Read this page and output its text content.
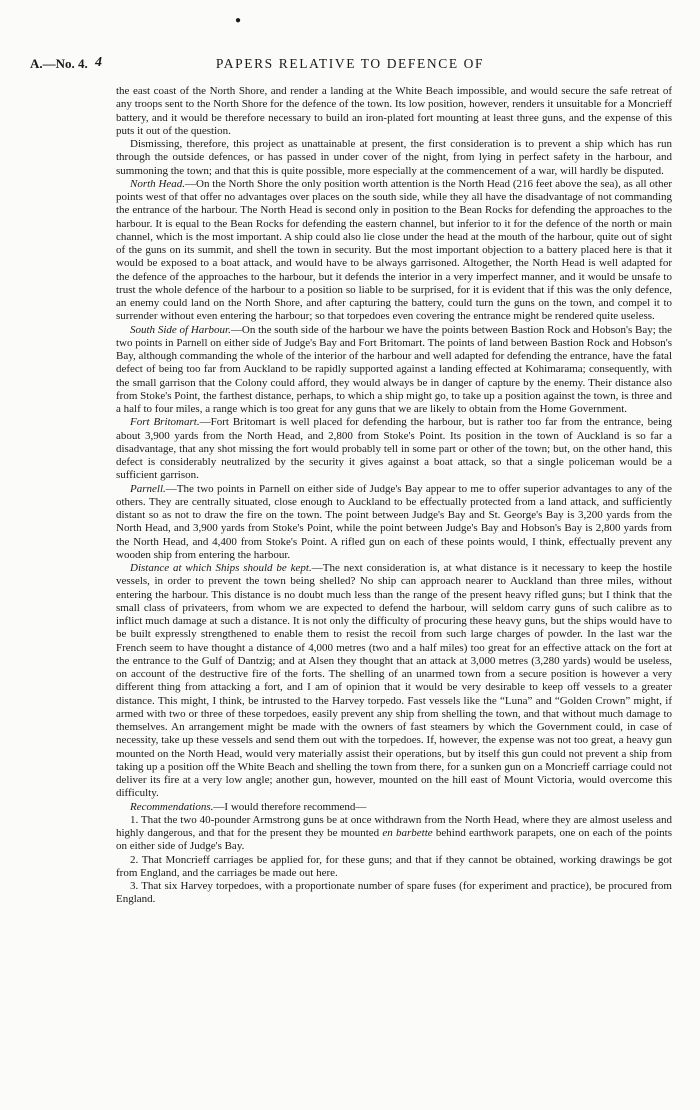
●
A.—No. 4. 4	PAPERS RELATIVE TO DEFENCE OF

the east coast of the North Shore, and render a landing at the White Beach impossible, and would secure the safe retreat of any troops sent to the North Shore for the defence of the town. Its low position, however, renders it unsuitable for a Moncrieff battery, and it would be therefore necessary to build an iron-plated fort mounting at least three guns, and the expense of this puts it out of the question.

Dismissing, therefore, this project as unattainable at present, the first consideration is to prevent a ship which has run through the outside defences, or has passed in under cover of the night, from lying in perfect safety in the harbour, and summoning the town; and that this is quite possible, more especially at the commencement of a war, will hardly be disputed.

North Head.—On the North Shore the only position worth attention is the North Head (216 feet above the sea), as all other points west of that offer no advantages over places on the south side, while they all have the disadvantage of not commanding the entrance of the harbour. The North Head is second only in position to the Bean Rocks for defending the approaches to the harbour. It is equal to the Bean Rocks for defending the eastern channel, but inferior to it for the defence of the north or main channel, which is the most important. A ship could also lie close under the head at the mouth of the harbour, quite out of sight of the guns on its summit, and shell the town in security. But the most important objection to a battery placed here is that it would be exposed to a boat attack, and would have to be always garrisoned. Altogether, the North Head is well adapted for the defence of the approaches to the harbour, but it defends the interior in a very imperfect manner, and it would be unsafe to trust the whole defence of the harbour to a position so liable to be surprised, for it is evident that if this was the only defence, an enemy could land on the North Shore, and after capturing the battery, could turn the guns on the town, and compel it to surrender without even entering the harbour; so that torpedoes even covering the entrance might be rendered quite useless.

South Side of Harbour.—On the south side of the harbour we have the points between Bastion Rock and Hobson's Bay; the two points in Parnell on either side of Judge's Bay and Fort Britomart. The points of land between Bastion Rock and Hobson's Bay, although commanding the whole of the interior of the harbour and well adapted for defending the entrance, have the fatal defect of being too far from Auckland to be rapidly supported against a landing effected at Kohimarama; consequently, with the small garrison that the Colony could afford, they would always be in danger of capture by the enemy. Their distance also from Stoke's Point, the farthest distance, perhaps, to which a ship might go, to take up a position against the town, is three and a half to four miles, a range which is too great for any guns that we are likely to obtain from the Home Government.

Fort Britomart.—Fort Britomart is well placed for defending the harbour, but is rather too far from the entrance, being about 3,900 yards from the North Head, and 2,800 from Stoke's Point. Its position in the town of Auckland is so far a disadvantage, that any shot missing the fort would probably tell in some part or other of the town; but, on the other hand, this defect is considerably neutralized by the security it gives against a boat attack, so that a single policeman would be a sufficient garrison.

Parnell.—The two points in Parnell on either side of Judge's Bay appear to me to offer superior advantages to any of the others. They are centrally situated, close enough to Auckland to be effectually protected from a land attack, and sufficiently distant so as not to draw the fire on the town. The point between Judge's Bay and St. George's Bay is 3,200 yards from the North Head, and 3,900 yards from Stoke's Point, while the point between Judge's Bay and Hobson's Bay is 2,800 yards from the North Head, and 4,400 from Stoke's Point. A rifled gun on each of these points would, I think, effectually prevent any wooden ship from entering the harbour.

Distance at which Ships should be kept.—The next consideration is, at what distance is it necessary to keep the hostile vessels, in order to prevent the town being shelled? No ship can approach nearer to Auckland than three miles, without entering the harbour. This distance is no doubt much less than the range of the present heavy rifled guns; but I think that the small class of privateers, from whom we are expected to defend the harbour, will seldom carry guns of such calibre as to inflict much damage at such a distance. It is not only the difficulty of procuring these heavy guns, but the ships would have to be built expressly strengthened to enable them to resist the recoil from such large charges of powder. In the last war the French seem to have thought a distance of 4,000 metres (two and a half miles) too great for an effective attack on the fort at the entrance to the Gulf of Dantzig; and at Alsen they thought that an attack at 3,000 metres (3,280 yards) would be useless, on account of the destructive fire of the forts. The shelling of an unarmed town from a secure position is however a very different thing from attacking a fort, and I am of opinion that it would be very desirable to keep off vessels to a greater distance. This might, I think, be intrusted to the Harvey torpedo. Fast vessels like the “Luna” and “Golden Crown” might, if armed with two or three of these torpedoes, easily prevent any ship from shelling the town, and that without much damage to themselves. An arrangement might be made with the owners of fast steamers by which the Government could, in case of necessity, take up these vessels and send them out with the torpedoes. If, however, the expense was not too great, a heavy gun mounted on the North Head, would very materially assist their operations, but by itself this gun could not prevent a ship from taking up a position off the White Beach and shelling the town from there, for a sunken gun on a Moncrieff carriage could not deliver its fire at a very low angle; another gun, however, mounted on the hill east of Mount Victoria, would overcome this difficulty.

Recommendations.—I would therefore recommend—

1. That the two 40-pounder Armstrong guns be at once withdrawn from the North Head, where they are almost useless and highly dangerous, and that for the present they be mounted en barbette behind earthwork parapets, one on each of the points on either side of Judge's Bay.

2. That Moncrieff carriages be applied for, for these guns; and that if they cannot be obtained, working drawings be got from England, and the carriages be made out here.

3. That six Harvey torpedoes, with a proportionate number of spare fuses (for experiment and practice), be procured from England.
